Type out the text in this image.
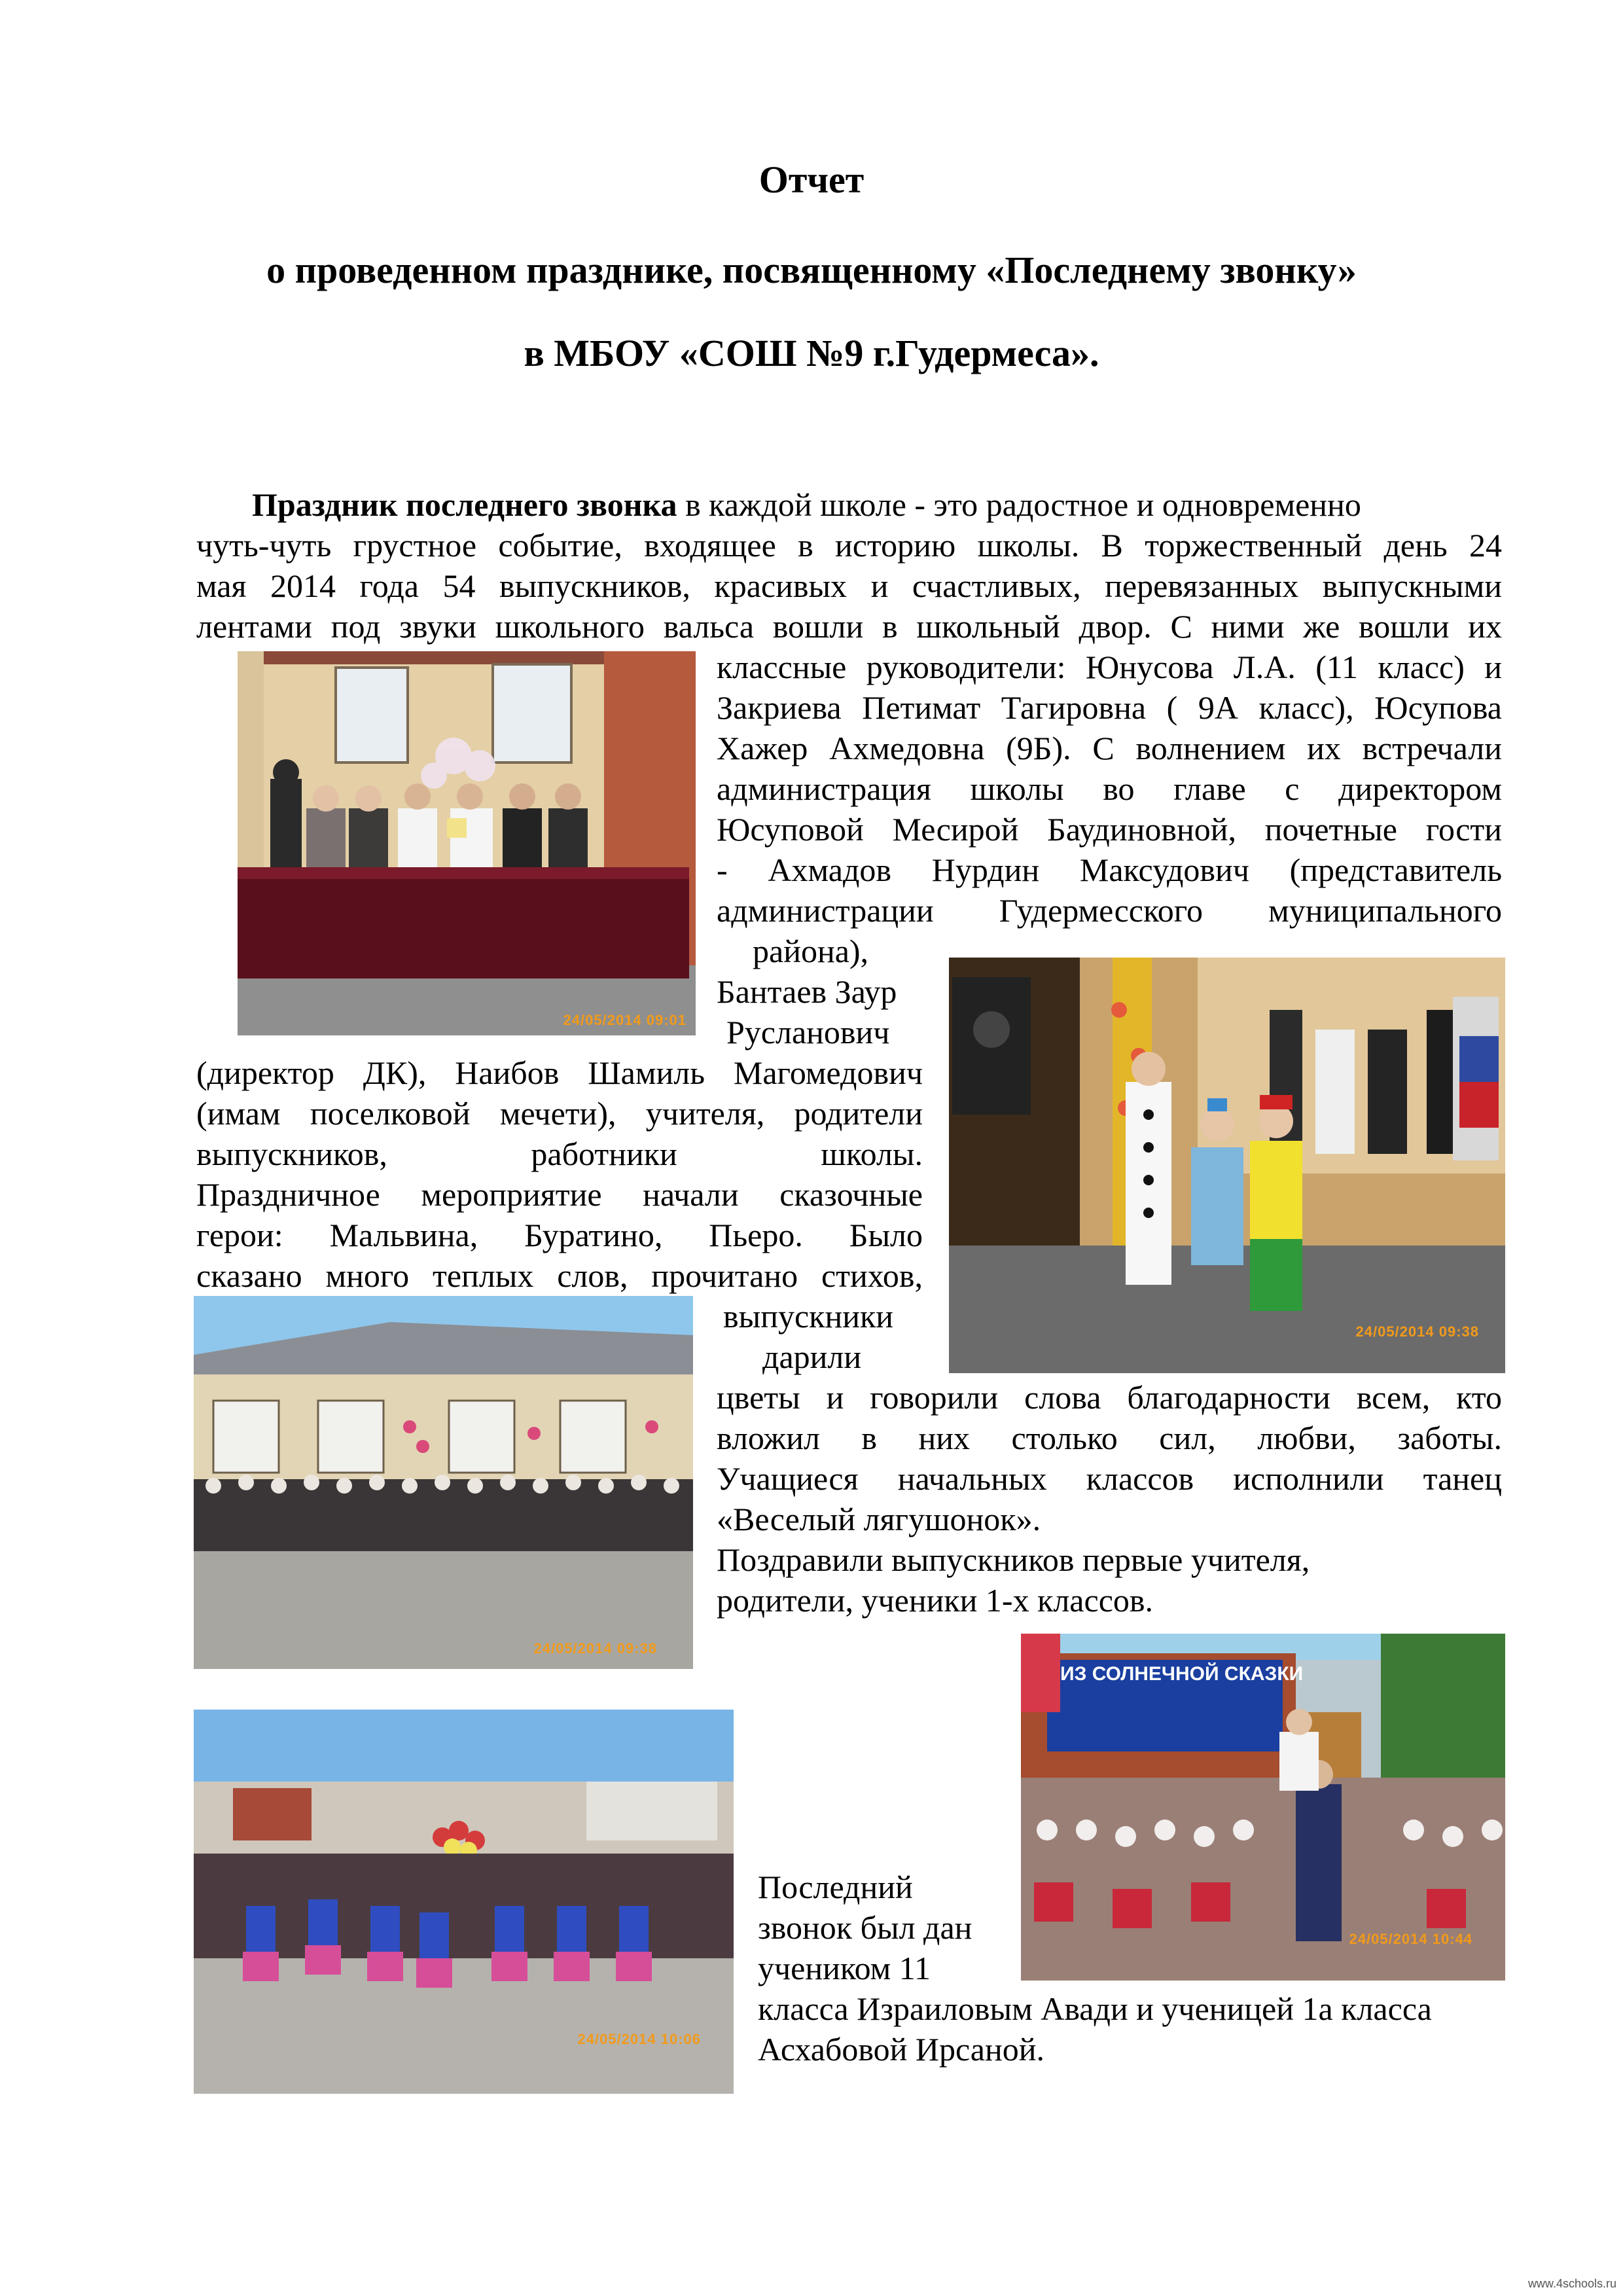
Отчет
о проведенном празднике, посвященному «Последнему звонку»
в МБОУ «СОШ №9 г.Гудермеса».
Праздник последнего звонка в каждой школе - это радостное и одновременно
чуть-чуть грустное событие, входящее в историю школы. В торжественный день 24
мая 2014 года 54 выпускников, красивых и счастливых, перевязанных выпускными
лентами под звуки школьного вальса вошли в школьный двор. С ними же вошли их
классные руководители: Юнусова Л.А. (11 класс) и
Закриева Петимат Тагировна ( 9А класс), Юсупова
Хажер Ахмедовна (9Б). С волнением их встречали
администрация школы во главе с директором
Юсуповой Месирой Баудиновной, почетные гости
- Ахмадов Нурдин Максудович (представитель
администрации Гудермесского муниципального
района),
Бантаев Заур
Русланович
(директор ДК), Наибов Шамиль Магомедович
(имам поселковой мечети), учителя, родители
выпускников, работники школы.
Праздничное мероприятие начали сказочные
герои: Мальвина, Буратино, Пьеро. Было
сказано много теплых слов, прочитано стихов,
выпускники
дарили
цветы и говорили слова благодарности всем, кто
вложил в них столько сил, любви, заботы.
Учащиеся начальных классов исполнили танец
«Веселый лягушонок».
Поздравили выпускников первые учителя,
родители, ученики 1-х классов.
Последний
звонок был дан
учеником 11
класса Израиловым Авади и ученицей 1а класса
Асхабовой Ирсаной.
24/05/2014 09:01
24/05/2014 09:38
24/05/2014 09:38
ИЗ СОЛНЕЧНОЙ СКАЗКИ
24/05/2014 10:44
24/05/2014 10:06
www.4schools.ru
